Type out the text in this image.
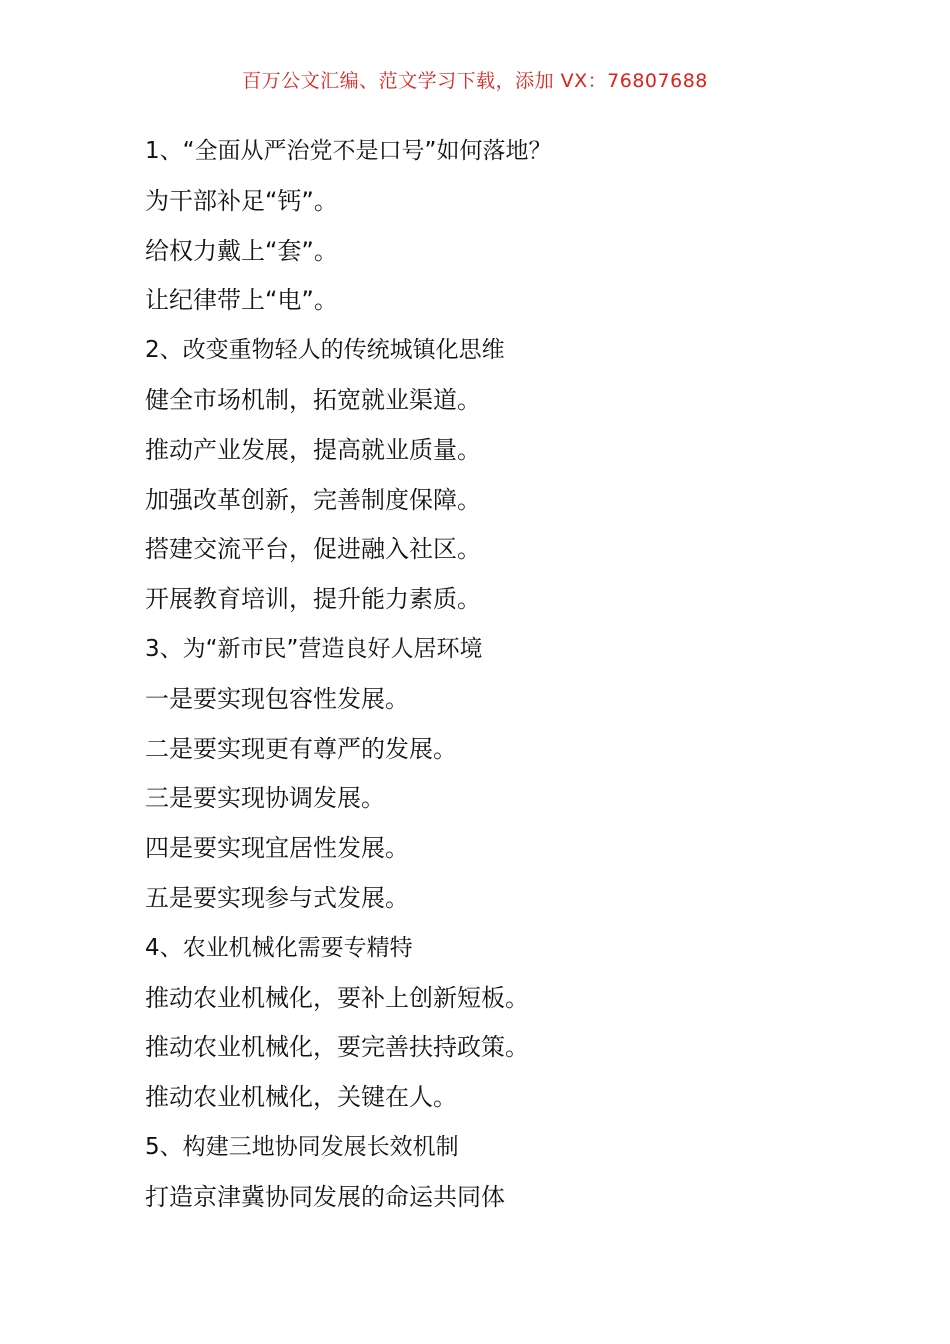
百万公文汇编、范文学习下载，添加 VX：76807688
1、“全面从严治党不是口号”如何落地？
为干部补足“钙”。
给权力戴上“套”。
让纪律带上“电”。
2、改变重物轻人的传统城镇化思维
健全市场机制，拓宽就业渠道。
推动产业发展，提高就业质量。
加强改革创新，完善制度保障。
搭建交流平台，促进融入社区。
开展教育培训，提升能力素质。
3、为“新市民”营造良好人居环境
一是要实现包容性发展。
二是要实现更有尊严的发展。
三是要实现协调发展。
四是要实现宜居性发展。
五是要实现参与式发展。
4、农业机械化需要专精特
推动农业机械化，要补上创新短板。
推动农业机械化，要完善扶持政策。
推动农业机械化，关键在人。
5、构建三地协同发展长效机制
打造京津冀协同发展的命运共同体
